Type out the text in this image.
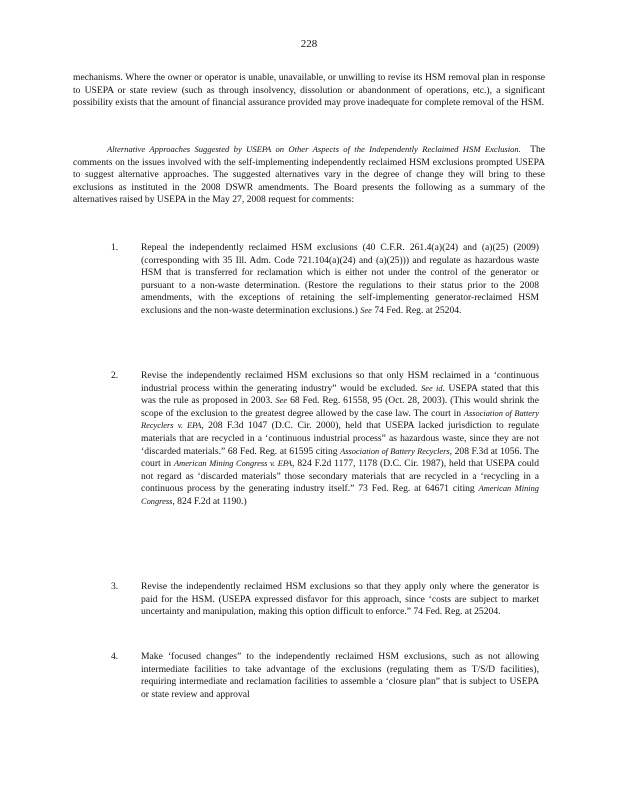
228

mechanisms. Where the owner or operator is unable, unavailable, or unwilling to revise its HSM removal plan in response to USEPA or state review (such as through insolvency, dissolution or abandonment of operations, etc.), a significant possibility exists that the amount of financial assurance provided may prove inadequate for complete removal of the HSM.

Alternative Approaches Suggested by USEPA on Other Aspects of the Independently Reclaimed HSM Exclusion. The comments on the issues involved with the self-implementing independently reclaimed HSM exclusions prompted USEPA to suggest alternative approaches. The suggested alternatives vary in the degree of change they will bring to these exclusions as instituted in the 2008 DSWR amendments. The Board presents the following as a summary of the alternatives raised by USEPA in the May 27, 2008 request for comments:

1. Repeal the independently reclaimed HSM exclusions (40 C.F.R. 261.4(a)(24) and (a)(25) (2009) (corresponding with 35 Ill. Adm. Code 721.104(a)(24) and (a)(25))) and regulate as hazardous waste HSM that is transferred for reclamation which is either not under the control of the generator or pursuant to a non-waste determination. (Restore the regulations to their status prior to the 2008 amendments, with the exceptions of retaining the self-implementing generator-reclaimed HSM exclusions and the non-waste determination exclusions.) See 74 Fed. Reg. at 25204.
2. Revise the independently reclaimed HSM exclusions so that only HSM reclaimed in a ‘continuous industrial process within the generating industry” would be excluded. See id. USEPA stated that this was the rule as proposed in 2003. See 68 Fed. Reg. 61558, 95 (Oct. 28, 2003). (This would shrink the scope of the exclusion to the greatest degree allowed by the case law. The court in Association of Battery Recyclers v. EPA, 208 F.3d 1047 (D.C. Cir. 2000), held that USEPA lacked jurisdiction to regulate materials that are recycled in a ‘continuous industrial process” as hazardous waste, since they are not ‘discarded materials.” 68 Fed. Reg. at 61595 citing Association of Battery Recyclers, 208 F.3d at 1056. The court in American Mining Congress v. EPA, 824 F.2d 1177, 1178 (D.C. Cir. 1987), held that USEPA could not regard as ‘discarded materials” those secondary materials that are recycled in a ‘recycling in a continuous process by the generating industry itself.” 73 Fed. Reg. at 64671 citing American Mining Congress, 824 F.2d at 1190.)
3. Revise the independently reclaimed HSM exclusions so that they apply only where the generator is paid for the HSM. (USEPA expressed disfavor for this approach, since ‘costs are subject to market uncertainty and manipulation, making this option difficult to enforce.” 74 Fed. Reg. at 25204.
4. Make ‘focused changes” to the independently reclaimed HSM exclusions, such as not allowing intermediate facilities to take advantage of the exclusions (regulating them as T/S/D facilities), requiring intermediate and reclamation facilities to assemble a ‘closure plan” that is subject to USEPA or state review and approval
